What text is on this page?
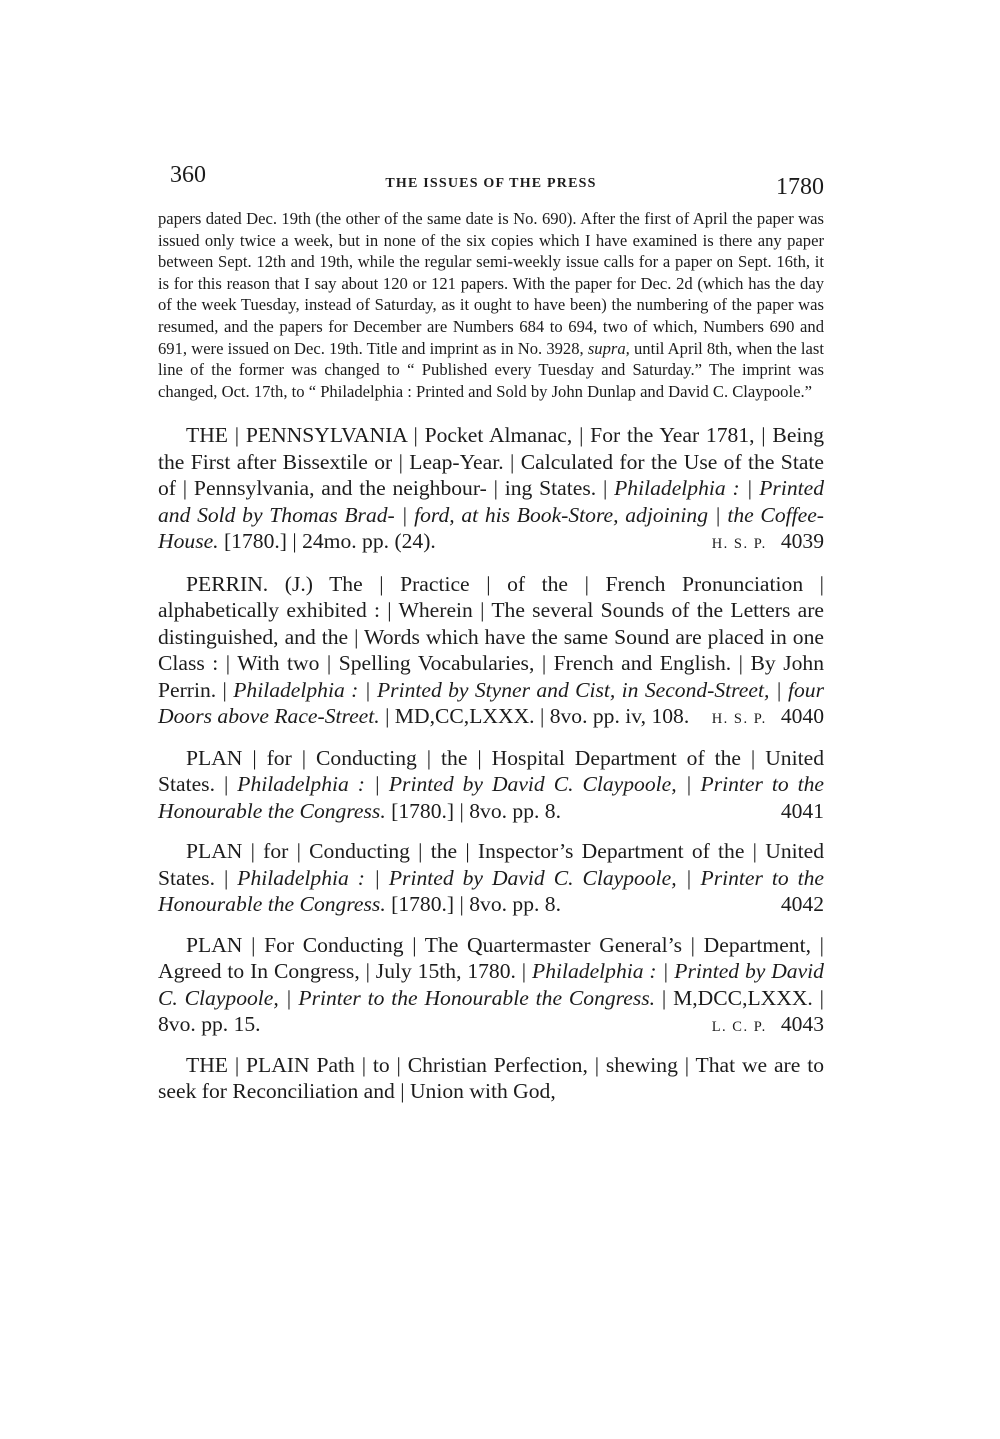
360	THE ISSUES OF THE PRESS	1780

papers dated Dec. 19th (the other of the same date is No. 690). After the first of April the paper was issued only twice a week, but in none of the six copies which I have examined is there any paper between Sept. 12th and 19th, while the regular semi-weekly issue calls for a paper on Sept. 16th, it is for this reason that I say about 120 or 121 papers. With the paper for Dec. 2d (which has the day of the week Tuesday, instead of Saturday, as it ought to have been) the numbering of the paper was resumed, and the papers for December are Numbers 684 to 694, two of which, Numbers 690 and 691, were issued on Dec. 19th. Title and imprint as in No. 3928, supra, until April 8th, when the last line of the former was changed to “ Published every Tuesday and Saturday.” The imprint was changed, Oct. 17th, to “ Philadelphia : Printed and Sold by John Dunlap and David C. Claypoole.”

THE | PENNSYLVANIA | Pocket Almanac, | For the Year 1781, | Being the First after Bissextile or | Leap-Year. | Calculated for the Use of the State of | Pennsylvania, and the neighbour- | ing States. | Philadelphia : | Printed and Sold by Thomas Brad- | ford, at his Book-Store, adjoining | the Coffee-House. [1780.] | 24mo. pp. (24).	H. S. P. 4039

PERRIN. (J.) The | Practice | of the | French Pronunciation | alphabetically exhibited : | Wherein | The several Sounds of the Letters are distinguished, and the | Words which have the same Sound are placed in one Class : | With two | Spelling Vocabularies, | French and English. | By John Perrin. | Philadelphia : | Printed by Styner and Cist, in Second-Street, | four Doors above Race-Street. | MD,CC,LXXX. | 8vo. pp. iv, 108. H. S. P. 4040

PLAN | for | Conducting | the | Hospital Department of the | United States. | Philadelphia : | Printed by David C. Claypoole, | Printer to the Honourable the Congress. [1780.] | 8vo. pp. 8.	4041

PLAN | for | Conducting | the | Inspector’s Department of the | United States. | Philadelphia : | Printed by David C. Claypoole, | Printer to the Honourable the Congress. [1780.] | 8vo. pp. 8.	4042

PLAN | For Conducting | The Quartermaster General’s | Department, | Agreed to In Congress, | July 15th, 1780. | Philadelphia : | Printed by David C. Claypoole, | Printer to the Honourable the Congress. | M,DCC,LXXX. | 8vo. pp. 15.	L. C. P. 4043

THE | PLAIN Path | to | Christian Perfection, | shewing | That we are to seek for Reconciliation and | Union with God,
